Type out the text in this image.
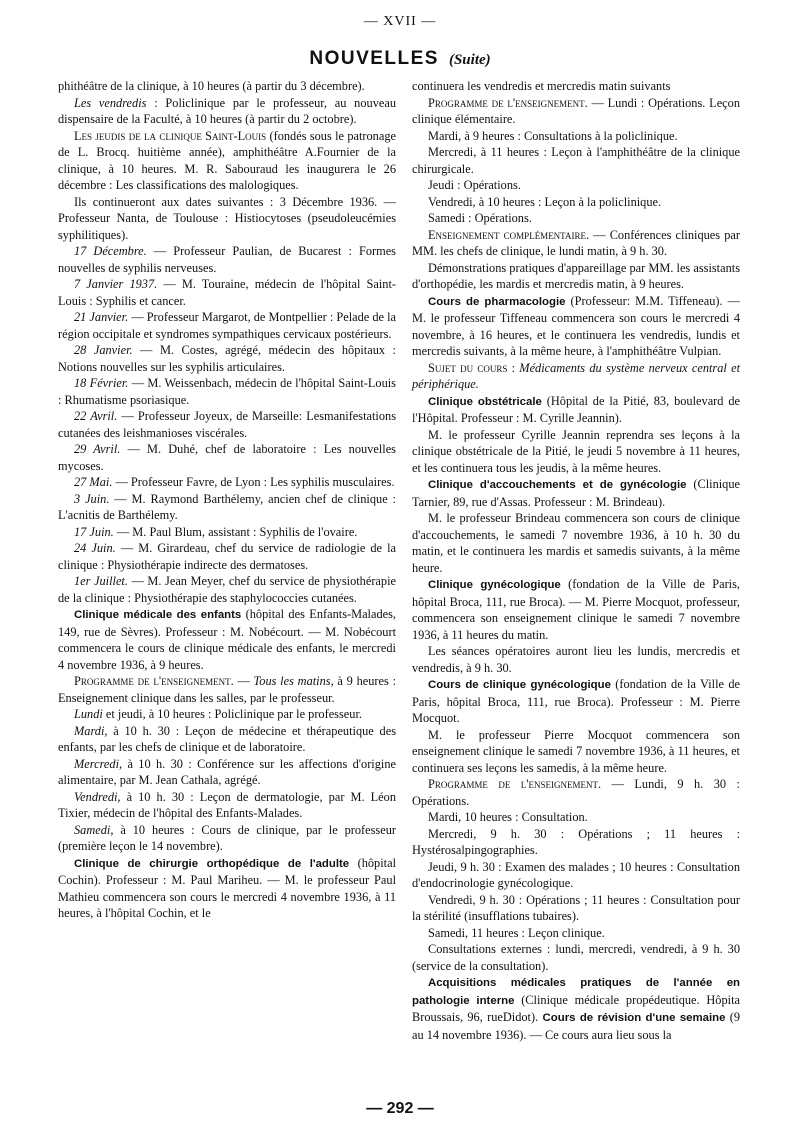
— XVII —
NOUVELLES (Suite)

phithéâtre de la clinique, à 10 heures (à partir du 3 décembre).

Les vendredis : Policlinique par le professeur, au nouveau dispensaire de la Faculté, à 10 heures (à partir du 2 octobre).

Les jeudis de la clinique Saint-Louis (fondés sous le patronage de L. Brocq. huitième année), amphithéâtre A.Fournier de la clinique, à 10 heures. M. R. Sabouraud les inaugurera le 26 décembre : Les classifications des malologiques.

Ils continueront aux dates suivantes : 3 Décembre 1936. — Professeur Nanta, de Toulouse : Histiocytoses (pseudoleucémies syphilitiques).

17 Décembre. — Professeur Paulian, de Bucarest : Formes nouvelles de syphilis nerveuses.

7 Janvier 1937. — M. Touraine, médecin de l'hôpital Saint-Louis : Syphilis et cancer.

21 Janvier. — Professeur Margarot, de Montpellier : Pelade de la région occipitale et syndromes sympathiques cervicaux postérieurs.

28 Janvier. — M. Costes, agrégé, médecin des hôpitaux : Notions nouvelles sur les syphilis articulaires.

18 Février. — M. Weissenbach, médecin de l'hôpital Saint-Louis : Rhumatisme psoriasique.

22 Avril. — Professeur Joyeux, de Marseille: Lesmanifestations cutanées des leishmanioses viscérales.

29 Avril. — M. Duhé, chef de laboratoire : Les nouvelles mycoses.

27 Mai. — Professeur Favre, de Lyon : Les syphilis musculaires.

3 Juin. — M. Raymond Barthélemy, ancien chef de clinique : L'acnitis de Barthélemy.

17 Juin. — M. Paul Blum, assistant : Syphilis de l'ovaire.

24 Juin. — M. Girardeau, chef du service de radiologie de la clinique : Physiothérapie indirecte des dermatoses.

1er Juillet. — M. Jean Meyer, chef du service de physiothérapie de la clinique : Physiothérapie des staphylococcies cutanées.

Clinique médicale des enfants (hôpital des Enfants-Malades, 149, rue de Sèvres). Professeur : M. Nobécourt. — M. Nobécourt commencera le cours de clinique médicale des enfants, le mercredi 4 novembre 1936, à 9 heures.

Programme de l'enseignement. — Tous les matins, à 9 heures : Enseignement clinique dans les salles, par le professeur.

Lundi et jeudi, à 10 heures : Policlinique par le professeur.

Mardi, à 10 h. 30 : Leçon de médecine et thérapeutique des enfants, par les chefs de clinique et de laboratoire.

Mercredi, à 10 h. 30 : Conférence sur les affections d'origine alimentaire, par M. Jean Cathala, agrégé.

Vendredi, à 10 h. 30 : Leçon de dermatologie, par M. Léon Tixier, médecin de l'hôpital des Enfants-Malades.

Samedi, à 10 heures : Cours de clinique, par le professeur (première leçon le 14 novembre).

Clinique de chirurgie orthopédique de l'adulte (hôpital Cochin). Professeur : M. Paul Mariheu. — M. le professeur Paul Mathieu commencera son cours le mercredi 4 novembre 1936, à 11 heures, à l'hôpital Cochin, et le

continuera les vendredis et mercredis matin suivants

Programme de l'enseignement. — Lundi : Opérations. Leçon clinique élémentaire.

Mardi, à 9 heures : Consultations à la policlinique.

Mercredi, à 11 heures : Leçon à l'amphithéâtre de la clinique chirurgicale.

Jeudi : Opérations.

Vendredi, à 10 heures : Leçon à la policlinique.

Samedi : Opérations.

Enseignement complémentaire. — Conférences cliniques par MM. les chefs de clinique, le lundi matin, à 9 h. 30.

Démonstrations pratiques d'appareillage par MM. les assistants d'orthopédie, les mardis et mercredis matin, à 9 heures.

Cours de pharmacologie (Professeur: M.M. Tiffeneau). — M. le professeur Tiffeneau commencera son cours le mercredi 4 novembre, à 16 heures, et le continuera les vendredis, lundis et mercredis suivants, à la même heure, à l'amphithéâtre Vulpian.

Sujet du cours : Médicaments du système nerveux central et périphérique.

Clinique obstétricale (Hôpital de la Pitié, 83, boulevard de l'Hôpital. Professeur : M. Cyrille Jeannin).

M. le professeur Cyrille Jeannin reprendra ses leçons à la clinique obstétricale de la Pitié, le jeudi 5 novembre à 11 heures, et les continuera tous les jeudis, à la même heures.

Clinique d'accouchements et de gynécologie (Clinique Tarnier, 89, rue d'Assas. Professeur : M. Brindeau).

M. le professeur Brindeau commencera son cours de clinique d'accouchements, le samedi 7 novembre 1936, à 10 h. 30 du matin, et le continuera les mardis et samedis suivants, à la même heure.

Clinique gynécologique (fondation de la Ville de Paris, hôpital Broca, 111, rue Broca). — M. Pierre Mocquot, professeur, commencera son enseignement clinique le samedi 7 novembre 1936, à 11 heures du matin.

Les séances opératoires auront lieu les lundis, mercredis et vendredis, à 9 h. 30.

Cours de clinique gynécologique (fondation de la Ville de Paris, hôpital Broca, 111, rue Broca). Professeur : M. Pierre Mocquot.

M. le professeur Pierre Mocquot commencera son enseignement clinique le samedi 7 novembre 1936, à 11 heures, et continuera ses leçons les samedis, à la même heure.

Programme de l'enseignement. — Lundi, 9 h. 30 : Opérations.

Mardi, 10 heures : Consultation.

Mercredi, 9 h. 30 : Opérations ; 11 heures : Hystérosalpingographies.

Jeudi, 9 h. 30 : Examen des malades ; 10 heures : Consultation d'endocrinologie gynécologique.

Vendredi, 9 h. 30 : Opérations ; 11 heures : Consultation pour la stérilité (insufflations tubaires).

Samedi, 11 heures : Leçon clinique.

Consultations externes : lundi, mercredi, vendredi, à 9 h. 30 (service de la consultation).

Acquisitions médicales pratiques de l'année en pathologie interne (Clinique médicale propédeutique. Hôpita Broussais, 96, rueDidot). Cours de révision d'une semaine (9 au 14 novembre 1936). — Ce cours aura lieu sous la

— 292 —
